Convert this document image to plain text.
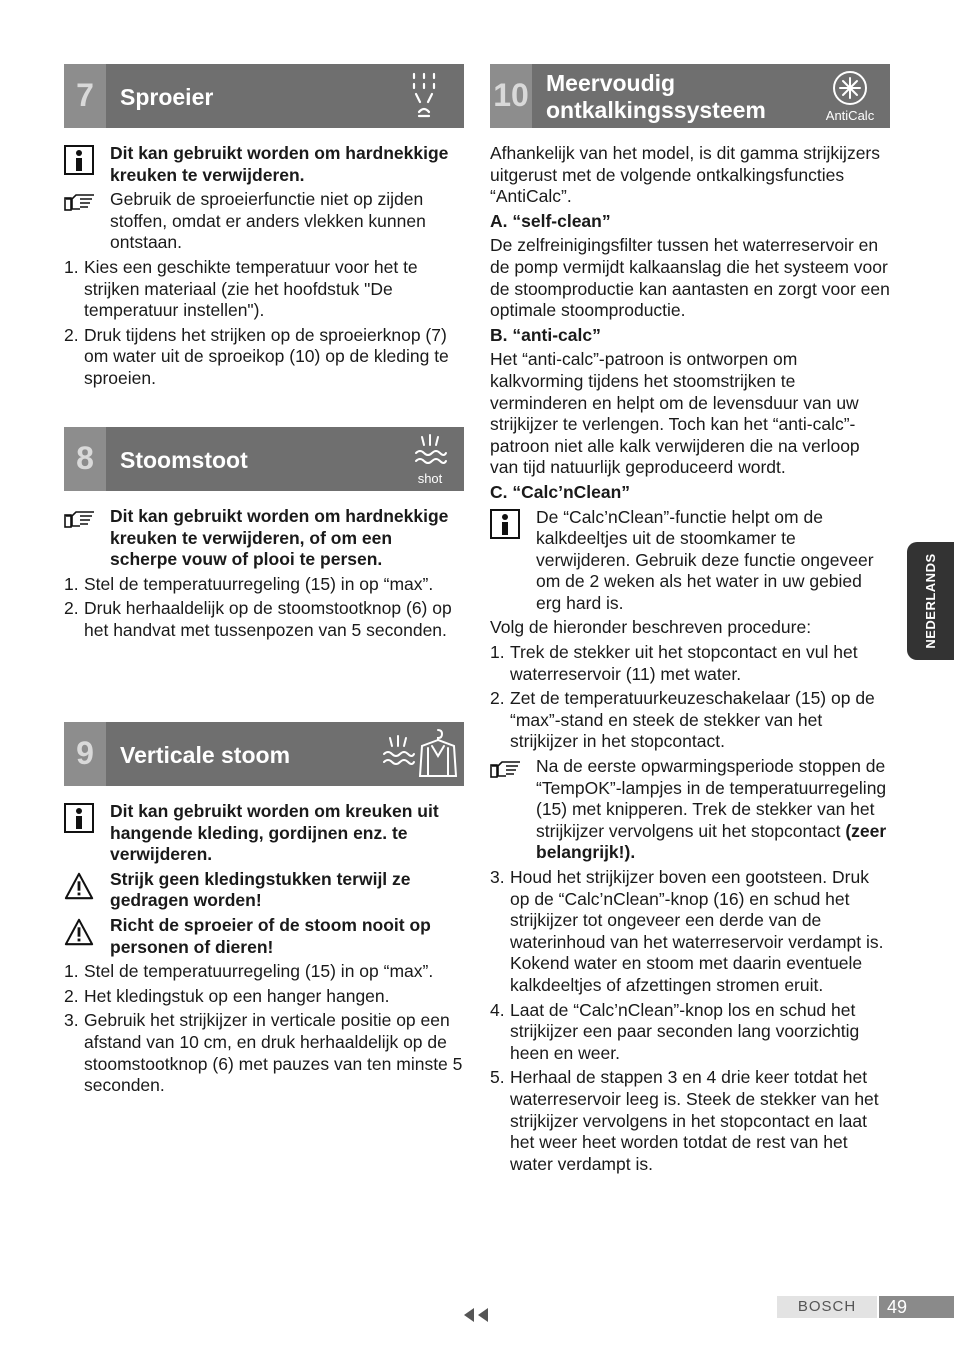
7	Sproeier
Dit kan gebruikt worden om hardnekkige kreuken te verwijderen.
Gebruik de sproeierfunctie niet op zijden stoffen, omdat er anders vlekken kunnen ontstaan.
1. Kies een geschikte temperatuur voor het te strijken materiaal (zie het hoofdstuk "De temperatuur instellen").
2. Druk tijdens het strijken op de sproeierknop (7) om water uit de sproeikop (10) op de kleding te sproeien.
8	Stoomstoot
shot
Dit kan gebruikt worden om hardnekkige kreuken te verwijderen, of om een scherpe vouw of plooi te persen.
1. Stel de temperatuurregeling (15) in op “max”.
2. Druk herhaaldelijk op de stoomstootknop (6) op het handvat met tussenpozen van 5 seconden.
9	Verticale stoom
Dit kan gebruikt worden om kreuken uit hangende kleding, gordijnen enz. te verwijderen.
Strijk geen kledingstukken terwijl ze gedragen worden!
Richt de sproeier of de stoom nooit op personen of dieren!
1. Stel de temperatuurregeling (15) in op “max”.
2. Het kledingstuk op een hanger hangen.
3. Gebruik het strijkijzer in verticale positie op een afstand van 10 cm, en druk herhaaldelijk op de stoomstootknop (6) met pauzes van ten minste 5 seconden.
10 Meervoudig
ontkalkingssysteem	AntiCalc
Afhankelijk van het model, is dit gamma strijkijzers uitgerust met de volgende ontkalkingsfuncties “AntiCalc”.
A. “self-clean”
De zelfreinigingsfilter tussen het waterreservoir en de pomp vermijdt kalkaanslag die het systeem voor de stoomproductie kan aantasten en zorgt voor een optimale stoomproductie.
B. “anti-calc”
Het “anti-calc”-patroon is ontworpen om kalkvorming tijdens het stoomstrijken te verminderen en helpt om de levensduur van uw strijkijzer te verlengen. Toch kan het “anti-calc”-patroon niet alle kalk verwijderen die na verloop van tijd natuurlijk geproduceerd wordt.
C. “Calc’nClean”
De “Calc’nClean”-functie helpt om de kalkdeeltjes uit de stoomkamer te verwijderen. Gebruik deze functie ongeveer om de 2 weken als het water in uw gebied erg hard is.
Volg de hieronder beschreven procedure:
1. Trek de stekker uit het stopcontact en vul het waterreservoir (11) met water.
2. Zet de temperatuurkeuzeschakelaar (15) op de “max”-stand en steek de stekker van het strijkijzer in het stopcontact.
Na de eerste opwarmingsperiode stoppen de “TempOK”-lampjes in de temperatuurregeling (15) met knipperen. Trek de stekker van het strijkijzer vervolgens uit het stopcontact (zeer belangrijk!).
3. Houd het strijkijzer boven een gootsteen. Druk op de “Calc’nClean”-knop (16) en schud het strijkijzer tot ongeveer een derde van de waterinhoud van het waterreservoir verdampt is. Kokend water en stoom met daarin eventuele kalkdeeltjes of afzettingen stromen eruit.
4. Laat de “Calc’nClean”-knop los en schud het strijkijzer een paar seconden lang voorzichtig heen en weer.
5. Herhaal de stappen 3 en 4 drie keer totdat het waterreservoir leeg is. Steek de stekker van het strijkijzer vervolgens in het stopcontact en laat het weer heet worden totdat de rest van het water verdampt is.
NEDERLANDS
BOSCH	49
